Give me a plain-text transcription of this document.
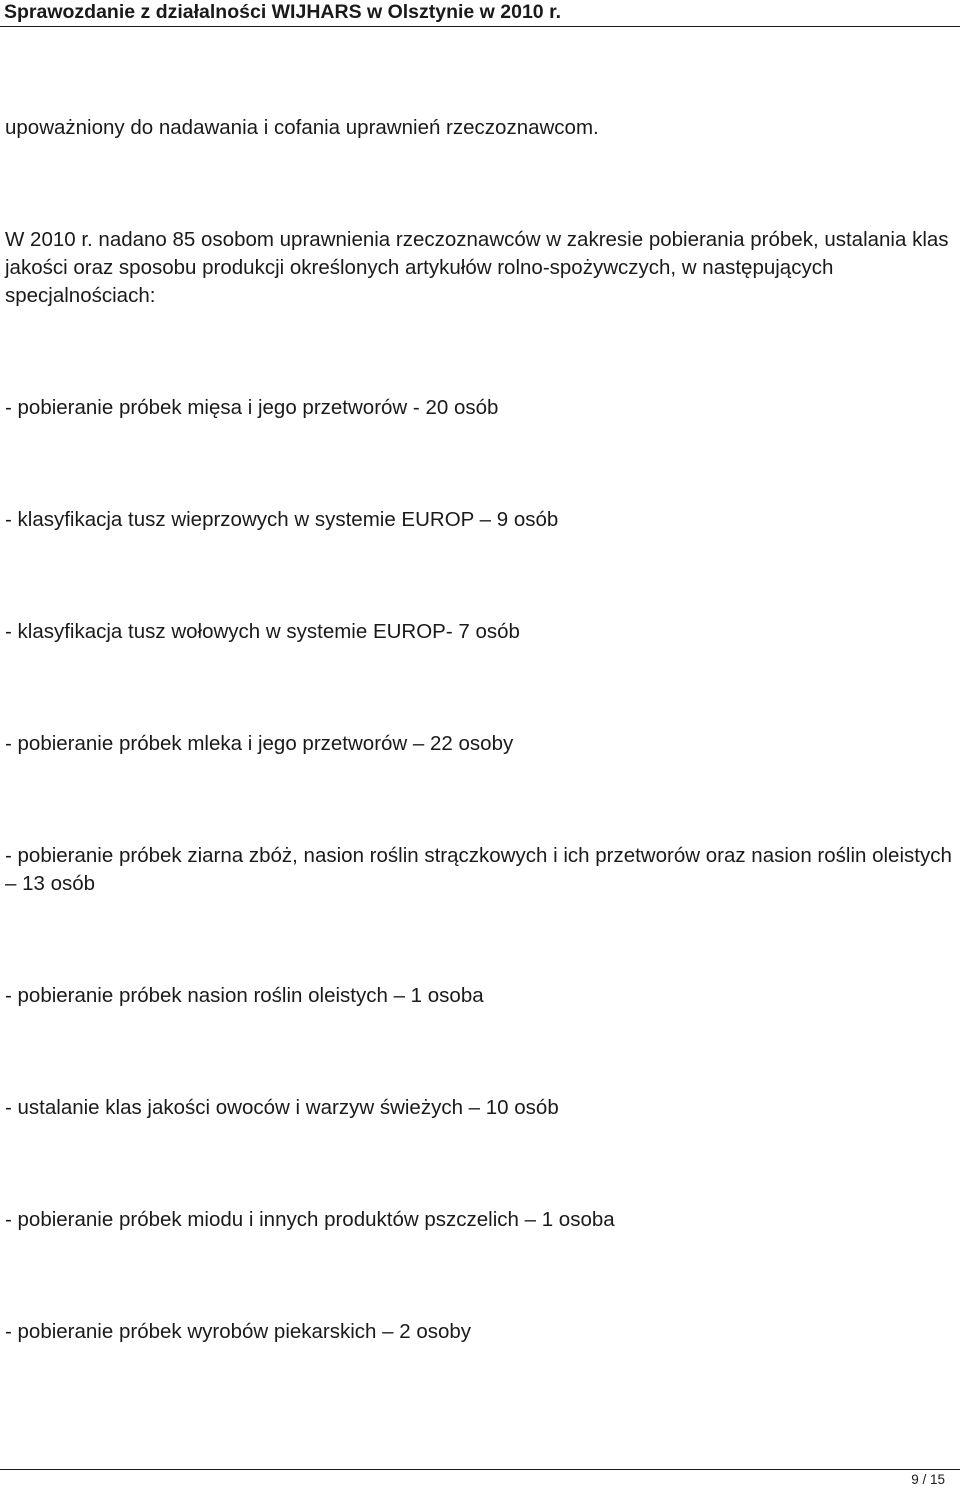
Sprawozdanie z działalności WIJHARS w Olsztynie w 2010 r.

upoważniony do nadawania i cofania uprawnień rzeczoznawcom.

W 2010 r. nadano 85 osobom uprawnienia rzeczoznawców w zakresie pobierania próbek, ustalania klas jakości oraz sposobu produkcji określonych artykułów rolno-spożywczych, w następujących specjalnościach:

- pobieranie próbek mięsa i jego przetworów - 20 osób

- klasyfikacja tusz wieprzowych w systemie EUROP – 9 osób

- klasyfikacja tusz wołowych w systemie EUROP- 7 osób

- pobieranie próbek mleka i jego przetworów – 22 osoby

- pobieranie próbek ziarna zbóż, nasion roślin strączkowych i ich przetworów oraz nasion roślin oleistych – 13 osób

- pobieranie próbek nasion roślin oleistych – 1 osoba

- ustalanie klas jakości owoców i warzyw świeżych – 10 osób

- pobieranie próbek miodu i innych produktów pszczelich – 1 osoba

- pobieranie próbek wyrobów piekarskich – 2 osoby

9 / 15
